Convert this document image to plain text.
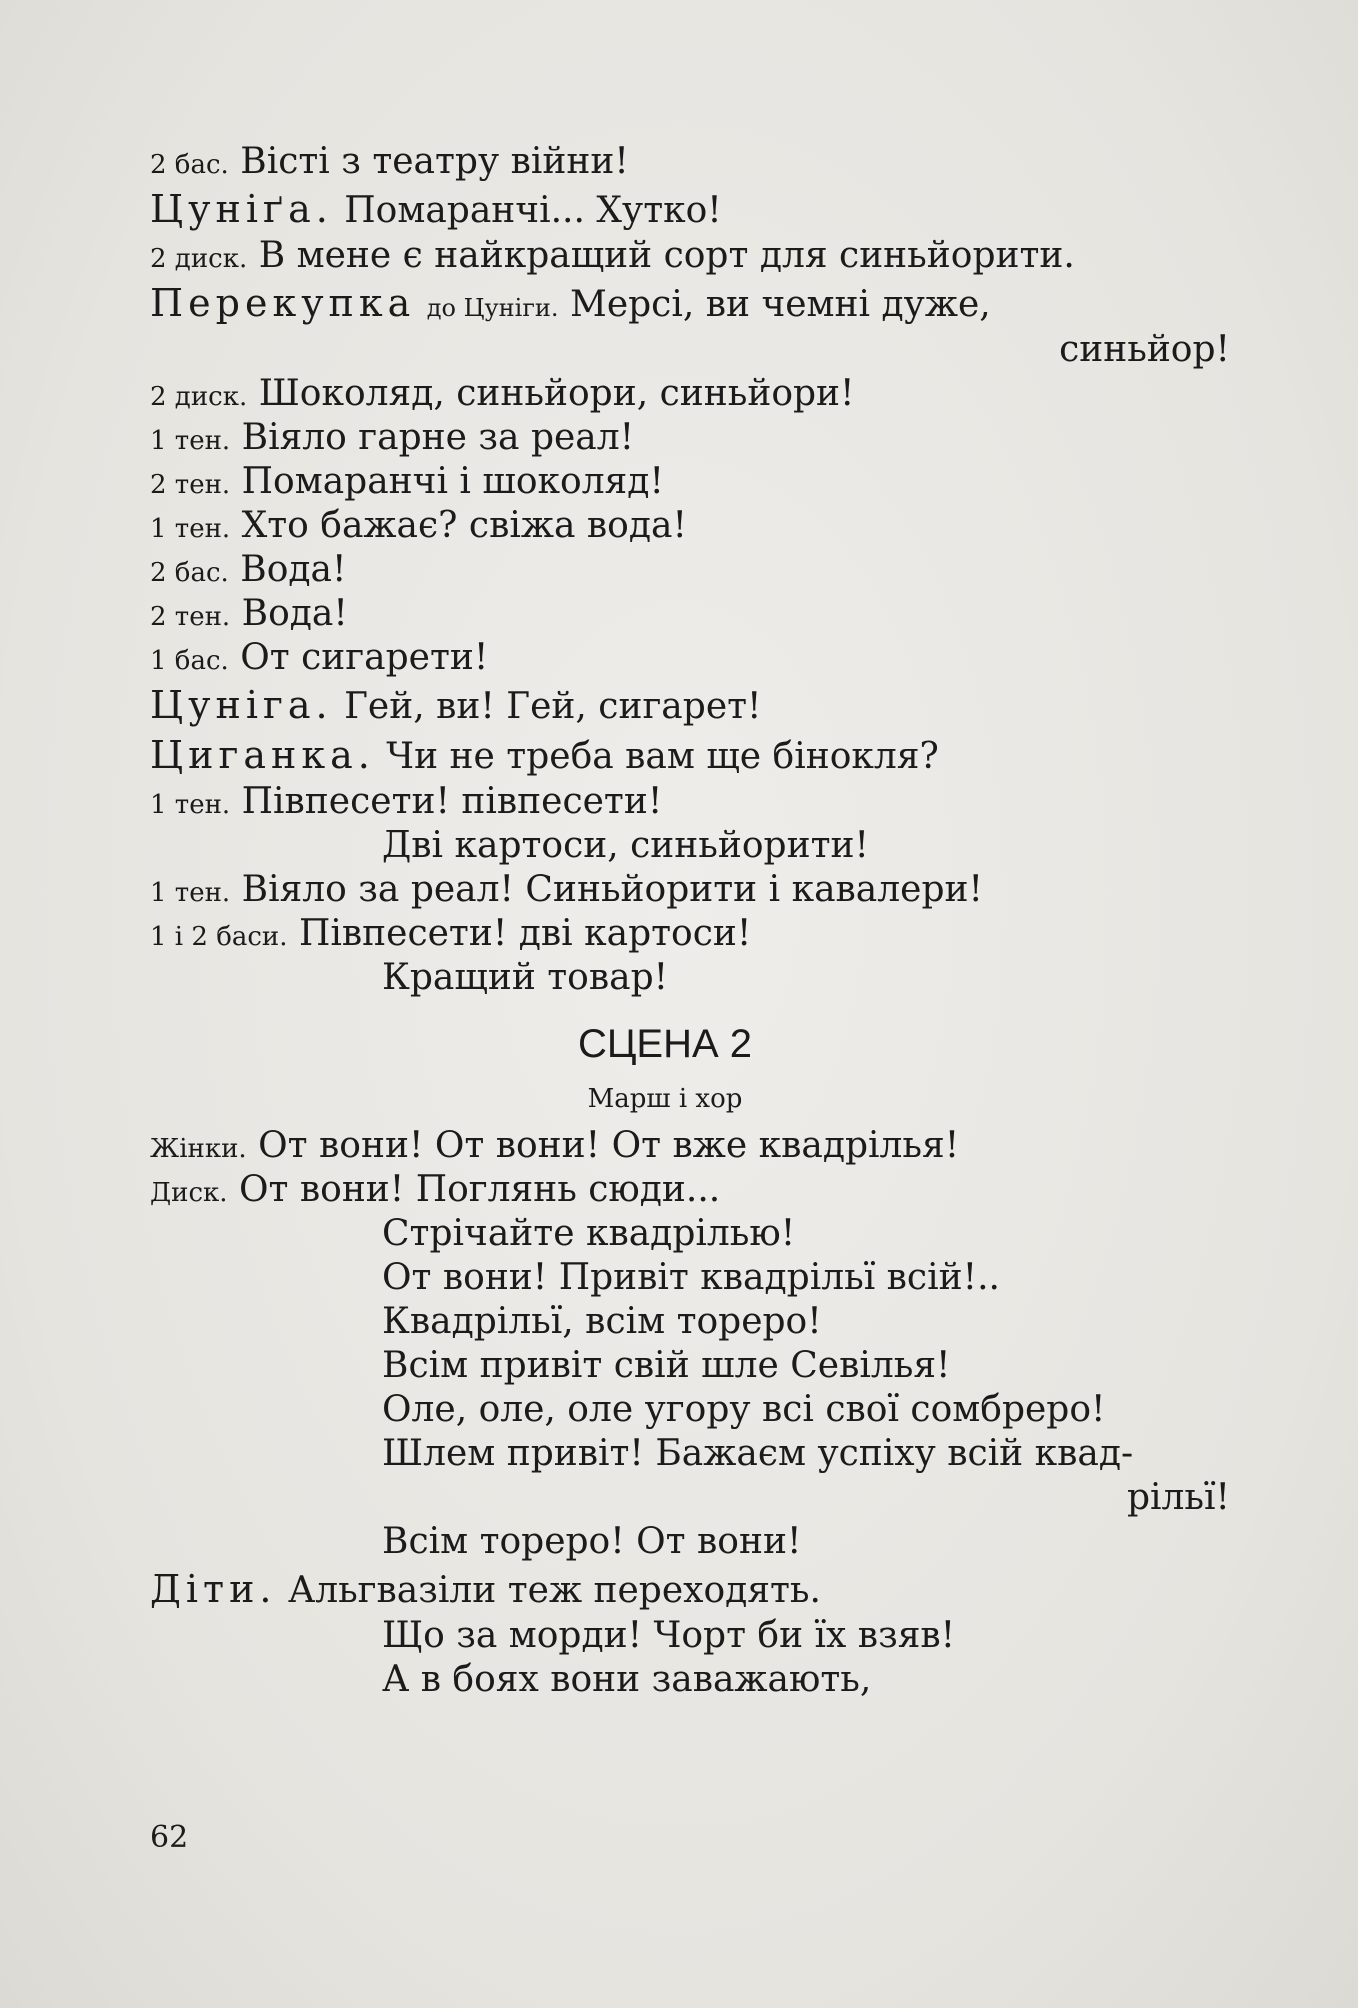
2 бас. Вісті з театру війни!
Цуніґа. Помаранчі... Хутко!
2 диск. В мене є найкращий сорт для синьйорити.
Перекупка до Цуніги. Мерсі, ви чемні дуже,
синьйор!
2 диск. Шоколяд, синьйори, синьйори!
1 тен. Віяло гарне за реал!
2 тен. Помаранчі і шоколяд!
1 тен. Хто бажає? свіжа вода!
2 бас. Вода!
2 тен. Вода!
1 бас. От сигарети!
Цуніга. Гей, ви! Гей, сигарет!
Циганка. Чи не треба вам ще бінокля?
1 тен. Півпесети! півпесети!
Дві картоси, синьйорити!
1 тен. Віяло за реал! Синьйорити і кавалери!
1 і 2 баси. Півпесети! дві картоси!
Кращий товар!
СЦЕНА 2
Марш і хор
Жінки. От вони! От вони! От вже квадрілья!
Диск. От вони! Поглянь сюди...
Стрічайте квадрілью!
От вони! Привіт квадрільї всій!..
Квадрільї, всім тореро!
Всім привіт свій шле Севілья!
Оле, оле, оле угору всі свої сомбреро!
Шлем привіт! Бажаєм успіху всій квад-
рільї!
Всім тореро! От вони!
Діти. Альгвазіли теж переходять.
Що за морди! Чорт би їх взяв!
А в боях вони заважають,
62
